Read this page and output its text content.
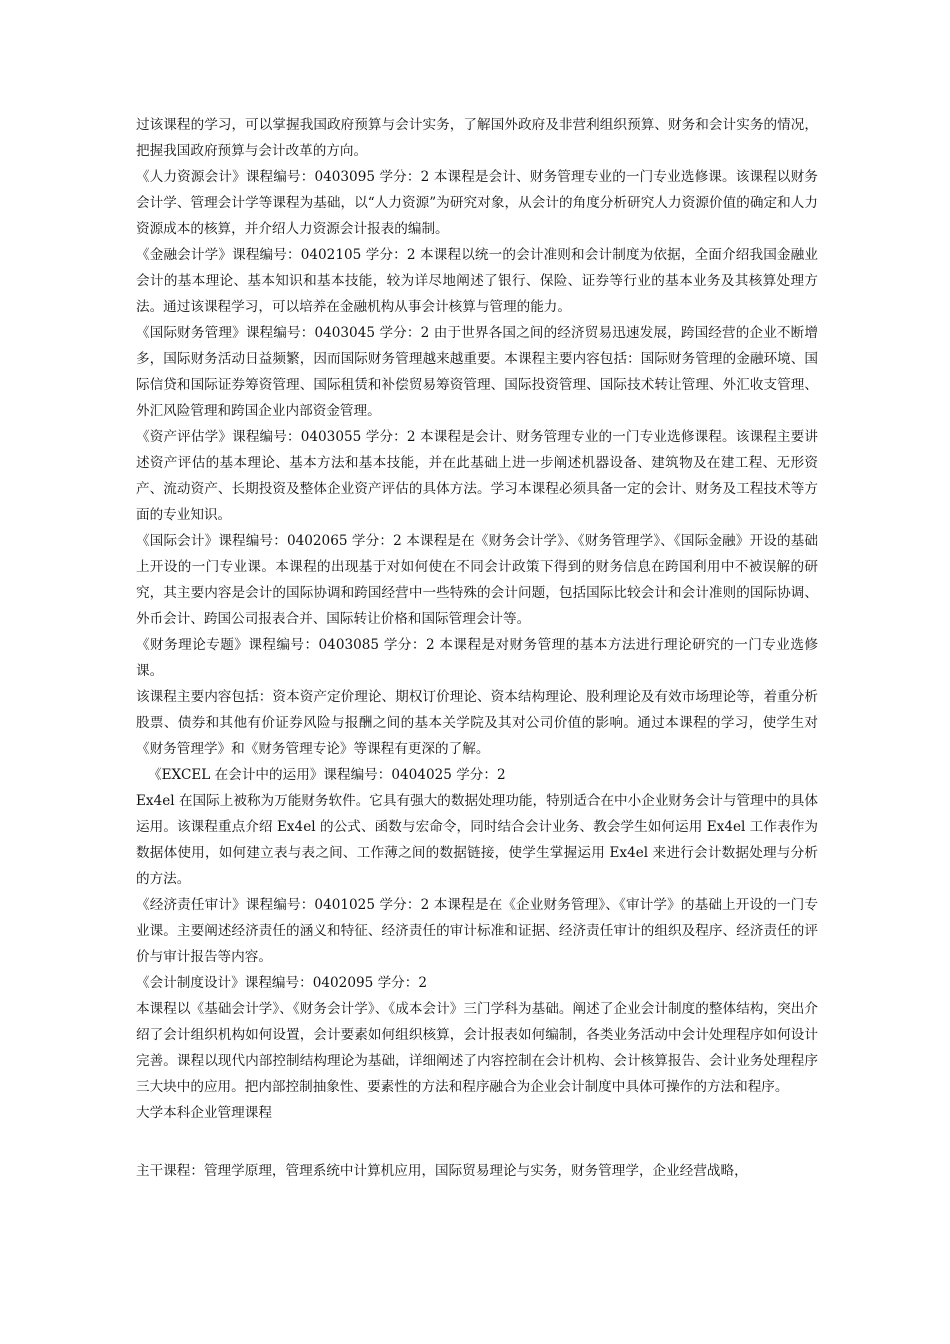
过该课程的学习，可以掌握我国政府预算与会计实务，了解国外政府及非营利组织预算、财务和会计实务的情况，把握我国政府预算与会计改革的方向。

《人力资源会计》课程编号：0403095 学分：2 本课程是会计、财务管理专业的一门专业选修课。该课程以财务会计学、管理会计学等课程为基础，以“人力资源”为研究对象，从会计的角度分析研究人力资源价值的确定和人力资源成本的核算，并介绍人力资源会计报表的编制。

《金融会计学》课程编号：0402105 学分：2 本课程以统一的会计准则和会计制度为依据，全面介绍我国金融业会计的基本理论、基本知识和基本技能，较为详尽地阐述了银行、保险、证券等行业的基本业务及其核算处理方法。通过该课程学习，可以培养在金融机构从事会计核算与管理的能力。

《国际财务管理》课程编号：0403045 学分：2 由于世界各国之间的经济贸易迅速发展，跨国经营的企业不断增多，国际财务活动日益频繁，因而国际财务管理越来越重要。本课程主要内容包括：国际财务管理的金融环境、国际信贷和国际证券筹资管理、国际租赁和补偿贸易筹资管理、国际投资管理、国际技术转让管理、外汇收支管理、外汇风险管理和跨国企业内部资金管理。

《资产评估学》课程编号：0403055 学分：2 本课程是会计、财务管理专业的一门专业选修课程。该课程主要讲述资产评估的基本理论、基本方法和基本技能，并在此基础上进一步阐述机器设备、建筑物及在建工程、无形资产、流动资产、长期投资及整体企业资产评估的具体方法。学习本课程必须具备一定的会计、财务及工程技术等方面的专业知识。

《国际会计》课程编号：0402065 学分：2 本课程是在《财务会计学》、《财务管理学》、《国际金融》开设的基础上开设的一门专业课。本课程的出现基于对如何使在不同会计政策下得到的财务信息在跨国利用中不被误解的研究，其主要内容是会计的国际协调和跨国经营中一些特殊的会计问题，包括国际比较会计和会计准则的国际协调、外币会计、跨国公司报表合并、国际转让价格和国际管理会计等。

《财务理论专题》课程编号：0403085 学分：2 本课程是对财务管理的基本方法进行理论研究的一门专业选修课。

该课程主要内容包括：资本资产定价理论、期权订价理论、资本结构理论、股利理论及有效市场理论等，着重分析股票、债券和其他有价证券风险与报酬之间的基本关学院及其对公司价值的影响。通过本课程的学习，使学生对《财务管理学》和《财务管理专论》等课程有更深的了解。

《EXCEL 在会计中的运用》课程编号：0404025 学分：2

Ex4el 在国际上被称为万能财务软件。它具有强大的数据处理功能，特别适合在中小企业财务会计与管理中的具体运用。该课程重点介绍 Ex4el 的公式、函数与宏命令，同时结合会计业务、教会学生如何运用 Ex4el 工作表作为数据体使用，如何建立表与表之间、工作薄之间的数据链接，使学生掌握运用 Ex4el 来进行会计数据处理与分析的方法。

《经济责任审计》课程编号：0401025 学分：2 本课程是在《企业财务管理》、《审计学》的基础上开设的一门专业课。主要阐述经济责任的涵义和特征、经济责任的审计标准和证据、经济责任审计的组织及程序、经济责任的评价与审计报告等内容。

《会计制度设计》课程编号：0402095 学分：2

本课程以《基础会计学》、《财务会计学》、《成本会计》三门学科为基础。阐述了企业会计制度的整体结构，突出介绍了会计组织机构如何设置，会计要素如何组织核算，会计报表如何编制，各类业务活动中会计处理程序如何设计完善。课程以现代内部控制结构理论为基础，详细阐述了内容控制在会计机构、会计核算报告、会计业务处理程序三大块中的应用。把内部控制抽象性、要素性的方法和程序融合为企业会计制度中具体可操作的方法和程序。

大学本科企业管理课程

主干课程：管理学原理，管理系统中计算机应用，国际贸易理论与实务，财务管理学，企业经营战略，
